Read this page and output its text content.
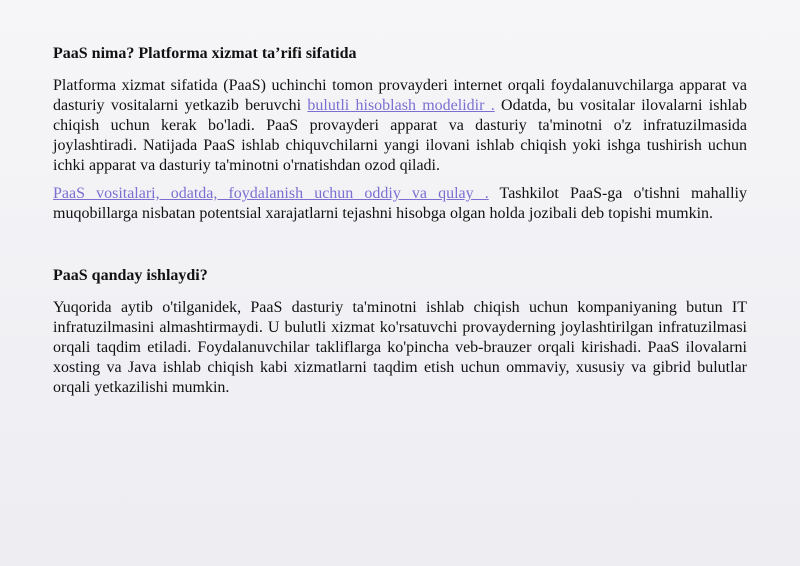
PaaS nima? Platforma xizmat ta’rifi sifatida

Platforma xizmat sifatida (PaaS) uchinchi tomon provayderi internet orqali foydalanuvchilarga apparat va dasturiy vositalarni yetkazib beruvchi bulutli hisoblash modelidir . Odatda, bu vositalar ilovalarni ishlab chiqish uchun kerak bo'ladi. PaaS provayderi apparat va dasturiy ta'minotni o'z infratuzilmasida joylashtiradi. Natijada PaaS ishlab chiquvchilarni yangi ilovani ishlab chiqish yoki ishga tushirish uchun ichki apparat va dasturiy ta'minotni o'rnatishdan ozod qiladi.

PaaS vositalari, odatda, foydalanish uchun oddiy va qulay . Tashkilot PaaS-ga o'tishni mahalliy muqobillarga nisbatan potentsial xarajatlarni tejashni hisobga olgan holda jozibali deb topishi mumkin.

PaaS qanday ishlaydi?

Yuqorida aytib o'tilganidek, PaaS dasturiy ta'minotni ishlab chiqish uchun kompaniyaning butun IT infratuzilmasini almashtirmaydi. U bulutli xizmat ko'rsatuvchi provayderning joylashtirilgan infratuzilmasi orqali taqdim etiladi. Foydalanuvchilar takliflarga ko'pincha veb-brauzer orqali kirishadi. PaaS ilovalarni xosting va Java ishlab chiqish kabi xizmatlarni taqdim etish uchun ommaviy, xususiy va gibrid bulutlar orqali yetkazilishi mumkin.
